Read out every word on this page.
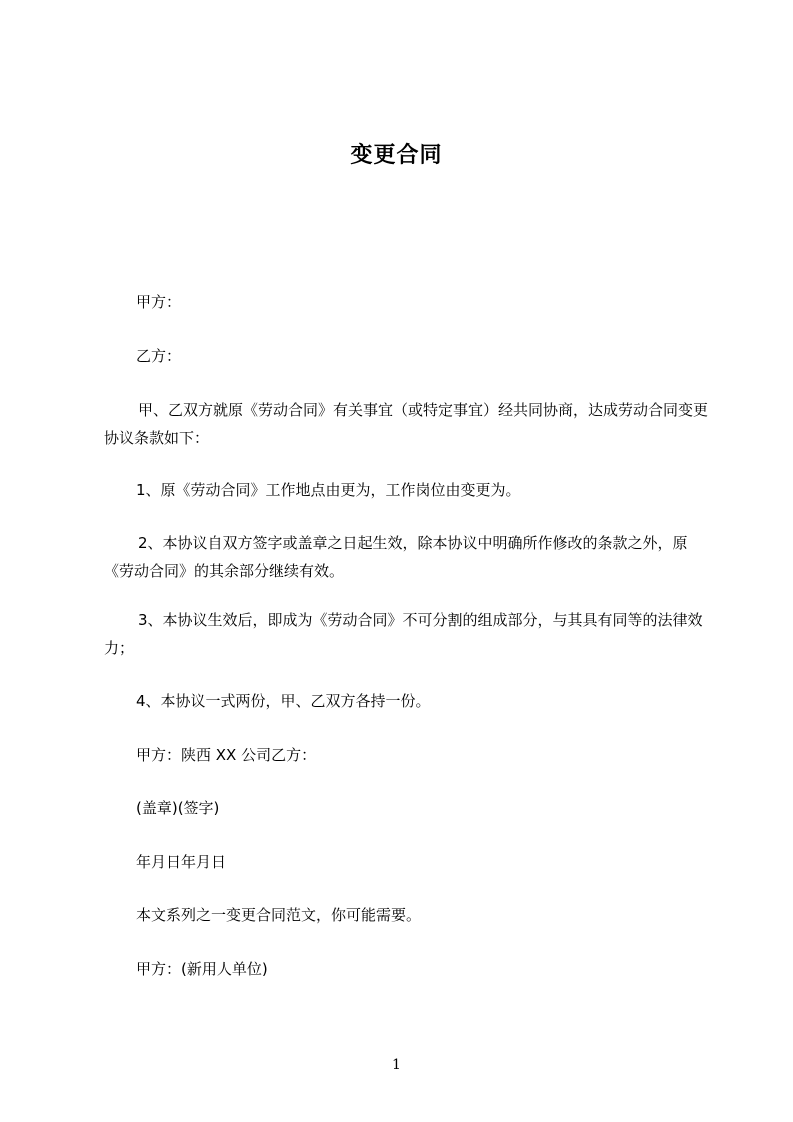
变更合同
甲方：
乙方：
甲、乙双方就原《劳动合同》有关事宜（或特定事宜）经共同协商，达成劳动合同变更协议条款如下：
1、原《劳动合同》工作地点由更为，工作岗位由变更为。
2、本协议自双方签字或盖章之日起生效，除本协议中明确所作修改的条款之外，原《劳动合同》的其余部分继续有效。
3、本协议生效后，即成为《劳动合同》不可分割的组成部分，与其具有同等的法律效力；
4、本协议一式两份，甲、乙双方各持一份。
甲方：陕西 XX 公司乙方：
(盖章)(签字)
年月日年月日
本文系列之一变更合同范文，你可能需要。
甲方：(新用人单位)
1
